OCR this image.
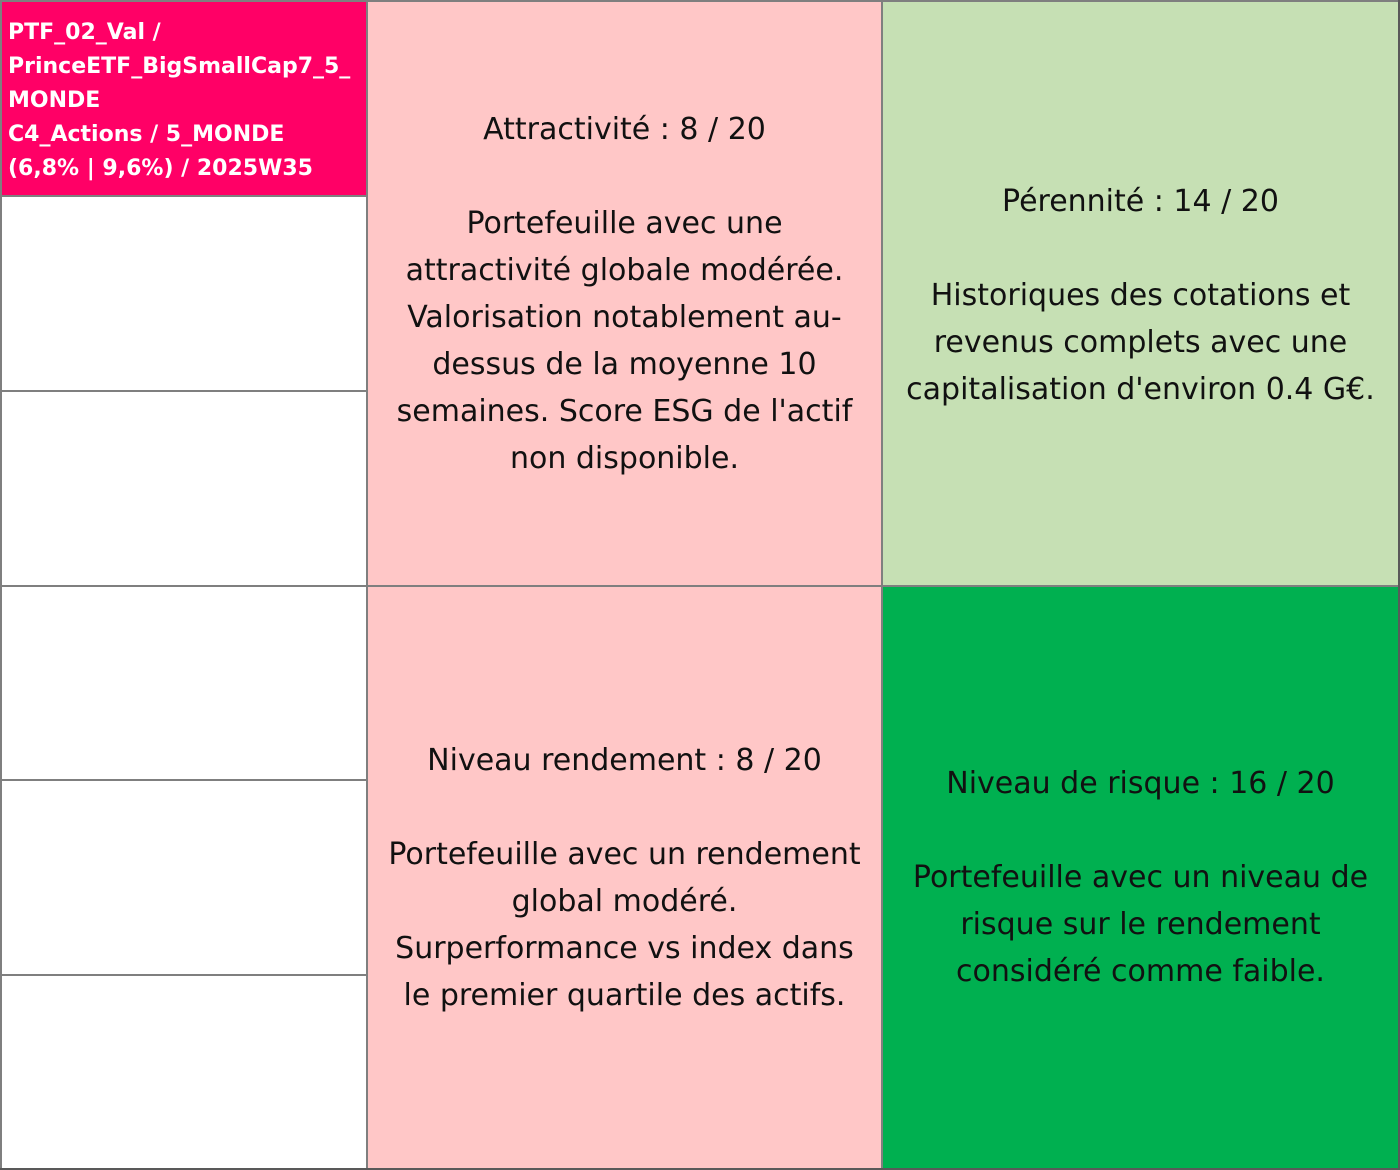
PTF_02_Val /
PrinceETF_BigSmallCap7_5_
MONDE
C4_Actions / 5_MONDE
(6,8% | 9,6%) / 2025W35
Attractivité : 8 / 20
Portefeuille avec une
attractivité globale modérée.
Valorisation notablement au-
dessus de la moyenne 10
semaines. Score ESG de l'actif
non disponible.
Pérennité : 14 / 20
Historiques des cotations et
revenus complets avec une
capitalisation d'environ 0.4 G€.
Niveau rendement : 8 / 20
Portefeuille avec un rendement
global modéré.
Surperformance vs index dans
le premier quartile des actifs.
Niveau de risque : 16 / 20
Portefeuille avec un niveau de
risque sur le rendement
considéré comme faible.
